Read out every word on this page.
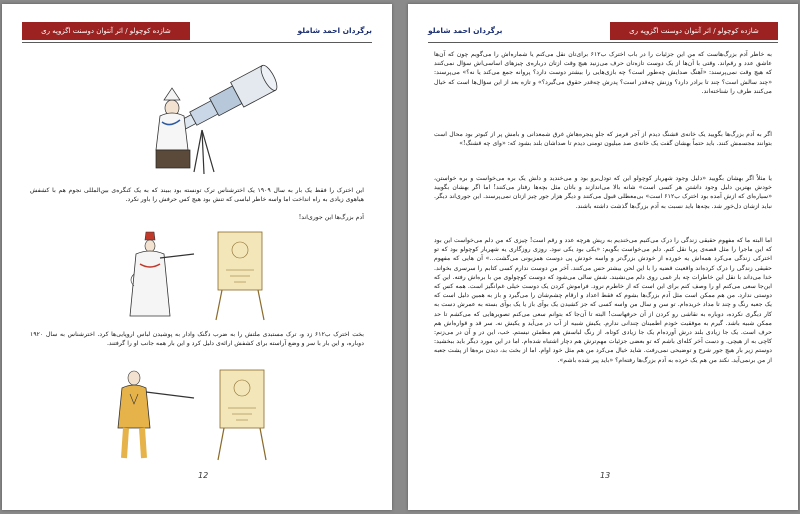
شازده کوچولو / اثر آنتوان دوسنت اگزوپه ری	برگردان احمد شاملو
این اخترک را فقط یک بار به سال ۱۹۰۹ یک اخترشناس ترک تونسته بود ببیند که به یک کنگره‌ی بین‌المللی نجوم هم با کشفش هیاهوی زیادی به راه انداخت اما واسه خاطر لباسی که تنش بود هیچ کس حرفش را باور نکرد.
آدم بزرگ‌ها این جوری‌اند!
بخت اخترک ب۶۱۲ زد و، ترک مستبدی ملتش را به ضرب دگنک وادار به پوشیدن لباس اروپایی‌ها کرد. اخترشناس به سال ۱۹۲۰ دوباره، و این بار با سر و وضع آراسته برای کشفش ارائه‌ی دلیل کرد و این بار همه جانب او را گرفتند.
12
شازده کوچولو / اثر آنتوان دوسنت اگزوپه ری
برگردان احمد شاملو
به خاطر آدم بزرگ‌هاست که من این جزئیات را در باب اخترک ب۶۱۲ برای‌تان نقل می‌کنم یا شماره‌اش را می‌گویم چون که آن‌ها عاشق عدد و رقم‌اند. وقتی با آن‌ها از یک دوست تازه‌تان حرف می‌زنید هیچ وقت ازتان درباره‌ی چیزهای اساسی‌اش سؤال نمی‌کنند که هیچ وقت نمی‌پرسند: «آهنگ صدایش چه‌طور است؟ چه بازی‌هایی را بیشتر دوست دارد؟ پروانه جمع می‌کند یا نه؟» می‌پرسند: «چند سالش است؟ چند تا برادر دارد؟ وزنش چه‌قدر است؟ پدرش چه‌قدر حقوق می‌گیرد؟» و تازه بعد از این سؤال‌ها است که خیال می‌کنند طرف را شناخته‌اند.
اگر به آدم بزرگ‌ها بگویید یک خانه‌ی قشنگ دیدم از آجر قرمز که جلو پنجره‌هاش غرق شمعدانی و بامش پر از کبوتر بود محال است بتوانند مجسمش کنند. باید حتماً بهشان گفت یک خانه‌ی صد میلیون تومنی دیدم تا صداشان بلند بشود که: «وای چه قشنگ!»
یا مثلاً اگر بهشان بگویید «دلیل وجود شهریار کوچولو این که تودل‌برو بود و می‌خندید و دلش یک بره می‌خواست و بره خواستن، خودش بهترین دلیل وجود داشتن هر کسی است» شانه بالا می‌اندازند و باتان مثل بچه‌ها رفتار می‌کنند! اما اگر بهشان بگویید «سیاره‌ای که ازش آمده بود اخترک ب۶۱۲ است» بی‌معطلی قبول می‌کنند و دیگر هزار جور چیز ازتان نمی‌پرسند. این جوری‌اند دیگر. نباید ازشان دل‌خور شد. بچه‌ها باید نسبت به آدم بزرگ‌ها گذشت داشته باشند.
اما البته ما که مفهوم حقیقی زندگی را درک می‌کنیم می‌خندیم به ریش هرچه عدد و رقم است! چیزی که من دلم می‌خواست این بود که این ماجرا را مثل قصه‌ی پریا نقل کنم. دلم می‌خواست بگویم: «یکی بود یکی نبود. روزی روزگاری یه شهریار کوچولو بود که تو اخترکی زندگی می‌کرد همه‌اش یه خورده از خودش بزرگ‌تر و واسه خودش پی دوست همزبونی می‌گشت...» آن هایی که مفهوم حقیقی زندگی را درک کرده‌اند واقعیت قضیه را با این لحن بیشتر حس می‌کنند. آخر من دوست ندارم کسی کتابم را سرسری بخواند. خدا می‌داند با نقل این خاطرات چه بار غمی روی دلم می‌نشیند. شش سالی می‌شود که دوست کوچولوی من با بره‌اش رفته. این که این‌جا سعی می‌کنم او را وصف کنم برای این است که از خاطرم نرود. فراموش کردن یک دوست خیلی غم‌انگیز است. همه کس که دوستی ندارد. من هم ممکن است مثل آدم بزرگ‌ها بشوم که فقط اعداد و ارقام چشم‌شان را می‌گیرد و باز به همین دلیل است که یک جعبه رنگ و چند تا مداد خریده‌ام. تو سن و سال من واسه کسی که جز کشیدن یک بوآی باز یا یک بوآی بسته به عمرش دست به کار دیگری نکرده، دوباره به نقاشی رو کردن از آن حرفهاست! البته تا آن‌جا که بتوانم سعی می‌کنم تصویرهایی که می‌کشم تا حد ممکن شبیه باشد. گیرم به موفقیت خودم اطمینان چندانی ندارم. یکیش شبیه از آب در می‌آید و یکیش نه. سر قد و قواره‌اش هم حرف است. یک جا زیادی بلند درش آورده‌ام یک جا زیادی کوتاه. از رنگ لباسش هم مطمئن نیستم. خب، این در و آن در می‌زنم: کاچی به از هیچی. و دست آخر کله‌ای باشم که تو بعضی جزئیات مهم‌ترش هم دچار اشتباه شده‌ام. اما در این مورد دیگر باید ببخشید: دوستم زیر بار هیچ جور شرح و توضیحی نمی‌رفت. شاید خیال می‌کرد من هم مثل خود اوام. اما از بخت بد، دیدن بره‌ها از پشت جعبه از من برنمی‌آید. نکند من هم یک خرده به آدم بزرگ‌ها رفته‌ام؟ «باید پیر شده باشم».
13
